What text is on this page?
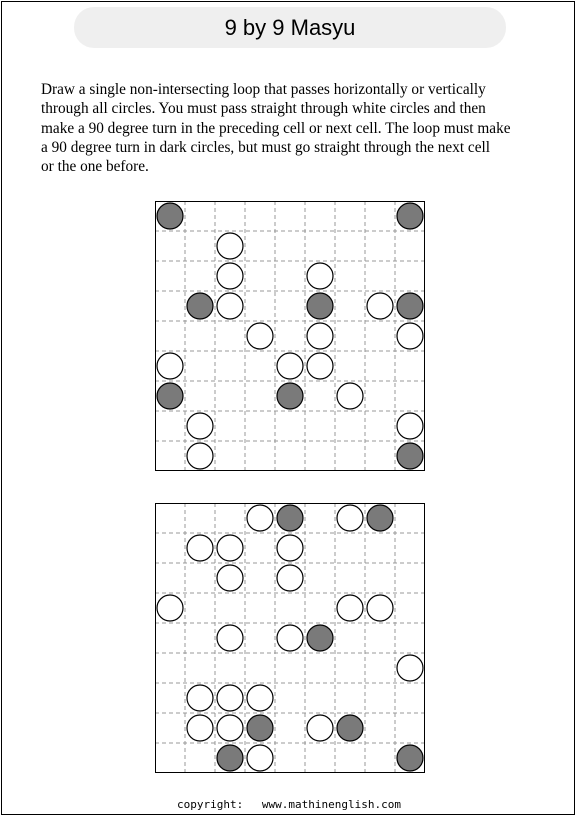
9 by 9 Masyu
Draw a single non-intersecting loop that passes horizontally or vertically
through all circles. You must pass straight through white circles and then
make a 90 degree turn in the preceding cell or next cell. The loop must make
a 90 degree turn in dark circles, but must go straight through the next cell
or the one before.
copyright: www.mathinenglish.com
